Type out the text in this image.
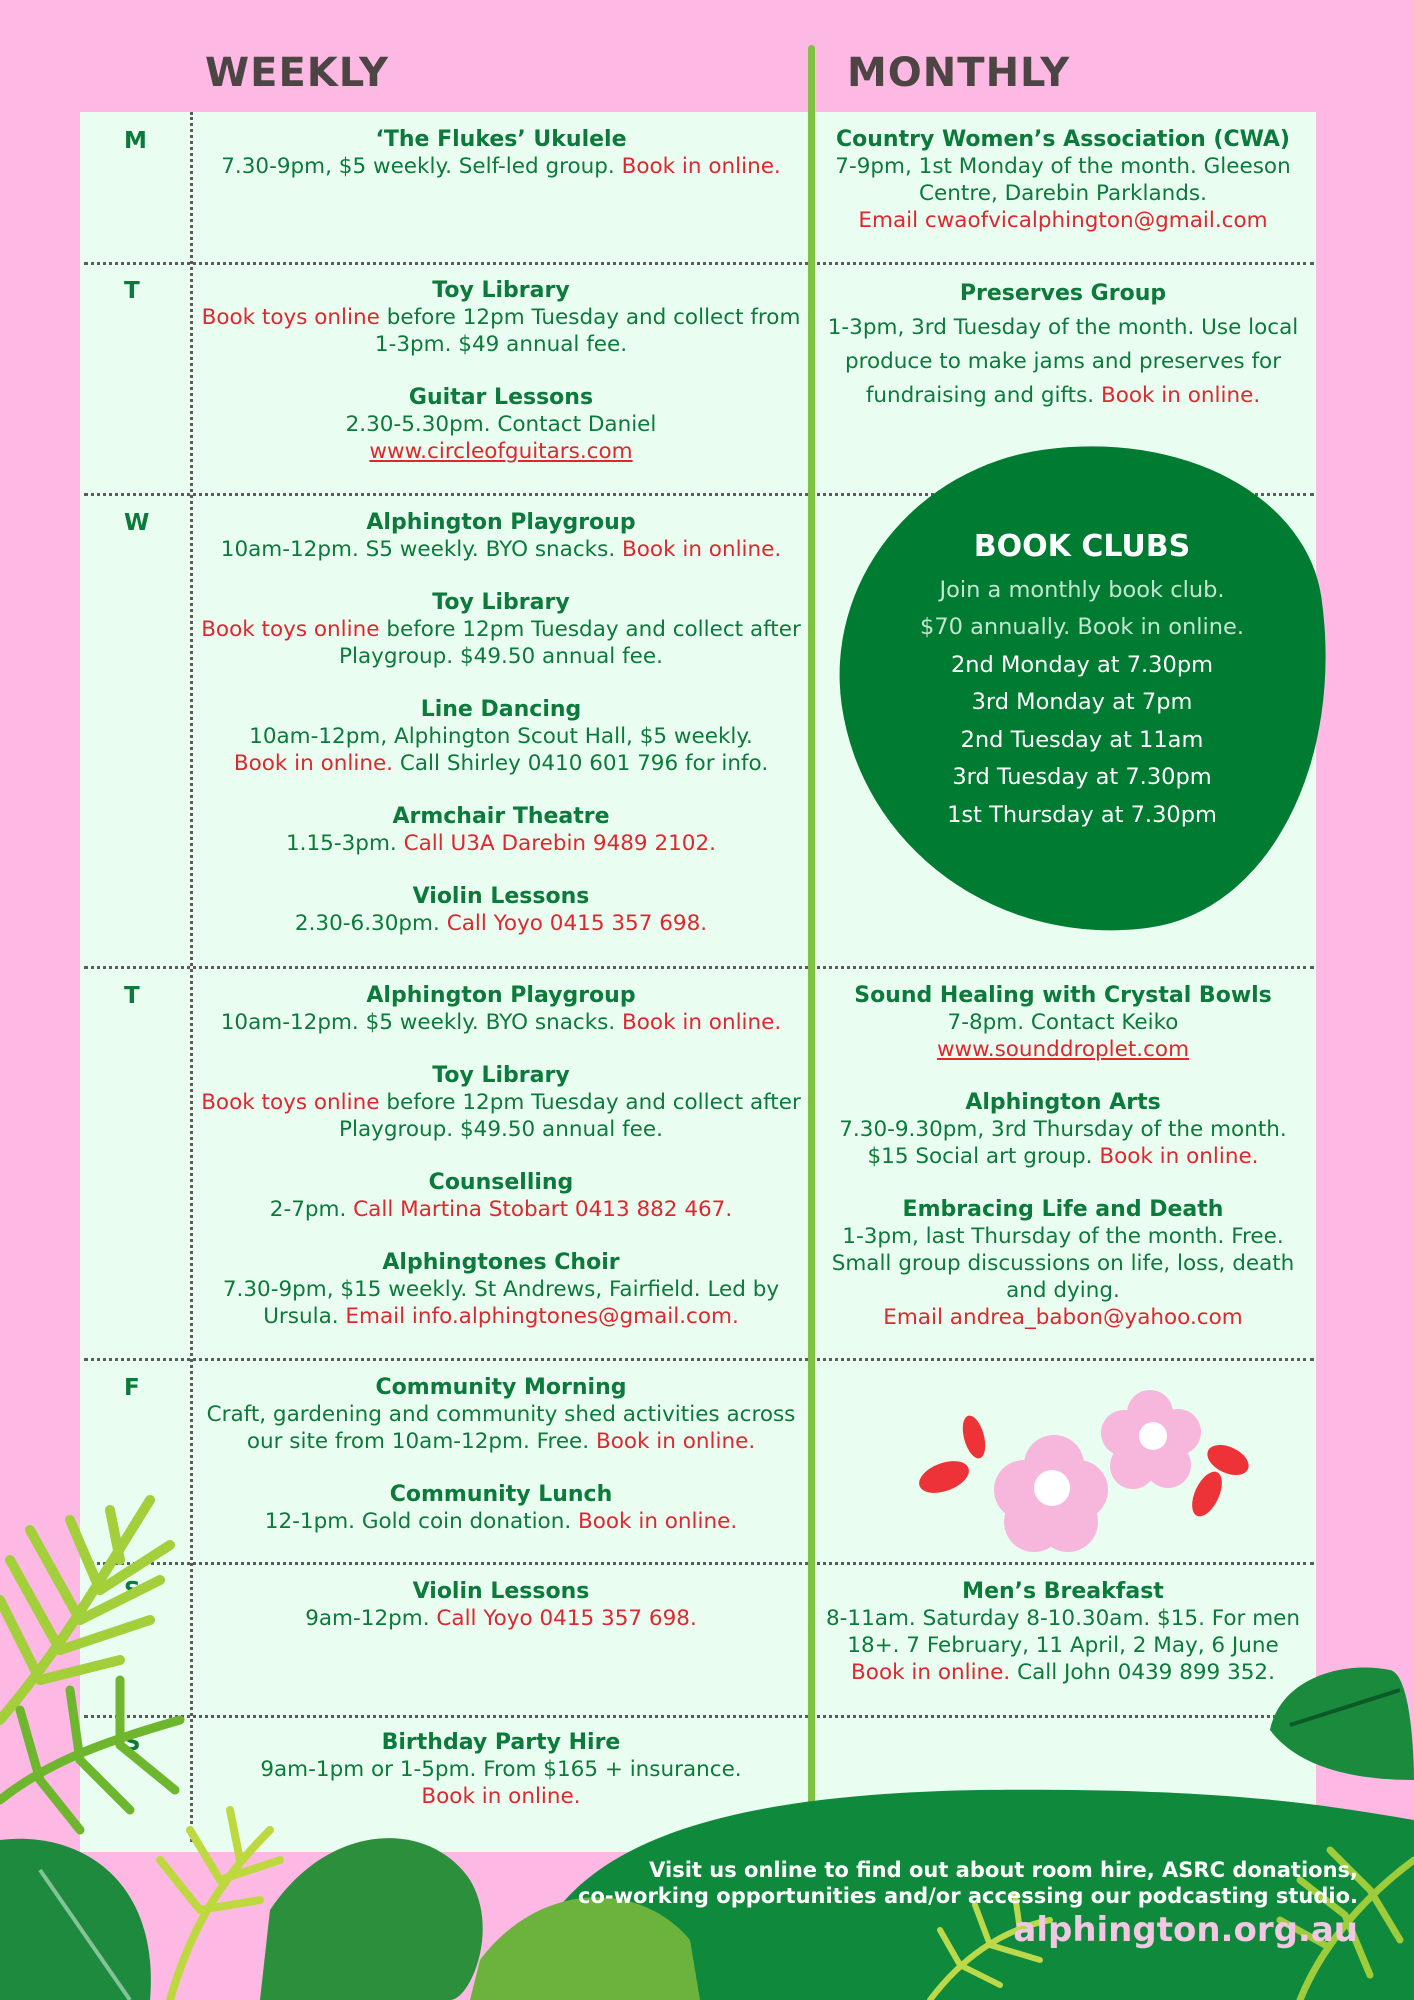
WEEKLY	MONTHLY
M
T
W
T
F
S
S
‘The Flukes’ Ukulele
7.30-9pm, $5 weekly. Self-led group. Book in online.
Toy Library
Book toys online before 12pm Tuesday and collect from 1-3pm. $49 annual fee.
Guitar Lessons
2.30-5.30pm. Contact Daniel
www.circleofguitars.com
Alphington Playgroup
10am-12pm. S5 weekly. BYO snacks. Book in online.
Toy Library
Book toys online before 12pm Tuesday and collect after Playgroup. $49.50 annual fee.
Line Dancing
10am-12pm, Alphington Scout Hall, $5 weekly.
Book in online. Call Shirley 0410 601 796 for info.
Armchair Theatre
1.15-3pm. Call U3A Darebin 9489 2102.
Violin Lessons
2.30-6.30pm. Call Yoyo 0415 357 698.
Alphington Playgroup
10am-12pm. $5 weekly. BYO snacks. Book in online.
Toy Library
Book toys online before 12pm Tuesday and collect after Playgroup. $49.50 annual fee.
Counselling
2-7pm. Call Martina Stobart 0413 882 467.
Alphingtones Choir
7.30-9pm, $15 weekly. St Andrews, Fairfield. Led by Ursula. Email info.alphingtones@gmail.com.
Community Morning
Craft, gardening and community shed activities across our site from 10am-12pm. Free. Book in online.
Community Lunch
12-1pm. Gold coin donation. Book in online.
Violin Lessons
9am-12pm. Call Yoyo 0415 357 698.
Birthday Party Hire
9am-1pm or 1-5pm. From $165 + insurance.
Book in online.
Country Women’s Association (CWA)
7-9pm, 1st Monday of the month. Gleeson Centre, Darebin Parklands.
Email cwaofvicalphington@gmail.com
Preserves Group
1-3pm, 3rd Tuesday of the month. Use local produce to make jams and preserves for fundraising and gifts. Book in online.
BOOK CLUBS
Join a monthly book club.
$70 annually. Book in online.
2nd Monday at 7.30pm
3rd Monday at 7pm
2nd Tuesday at 11am
3rd Tuesday at 7.30pm
1st Thursday at 7.30pm
Sound Healing with Crystal Bowls
7-8pm. Contact Keiko
www.sounddroplet.com
Alphington Arts
7.30-9.30pm, 3rd Thursday of the month. $15 Social art group. Book in online.
Embracing Life and Death
1-3pm, last Thursday of the month. Free. Small group discussions on life, loss, death and dying.
Email andrea_babon@yahoo.com
Men’s Breakfast
8-11am. Saturday 8-10.30am. $15. For men 18+. 7 February, 11 April, 2 May, 6 June
Book in online. Call John 0439 899 352.
Visit us online to find out about room hire, ASRC donations,
co-working opportunities and/or accessing our podcasting studio.
alphington.org.au
